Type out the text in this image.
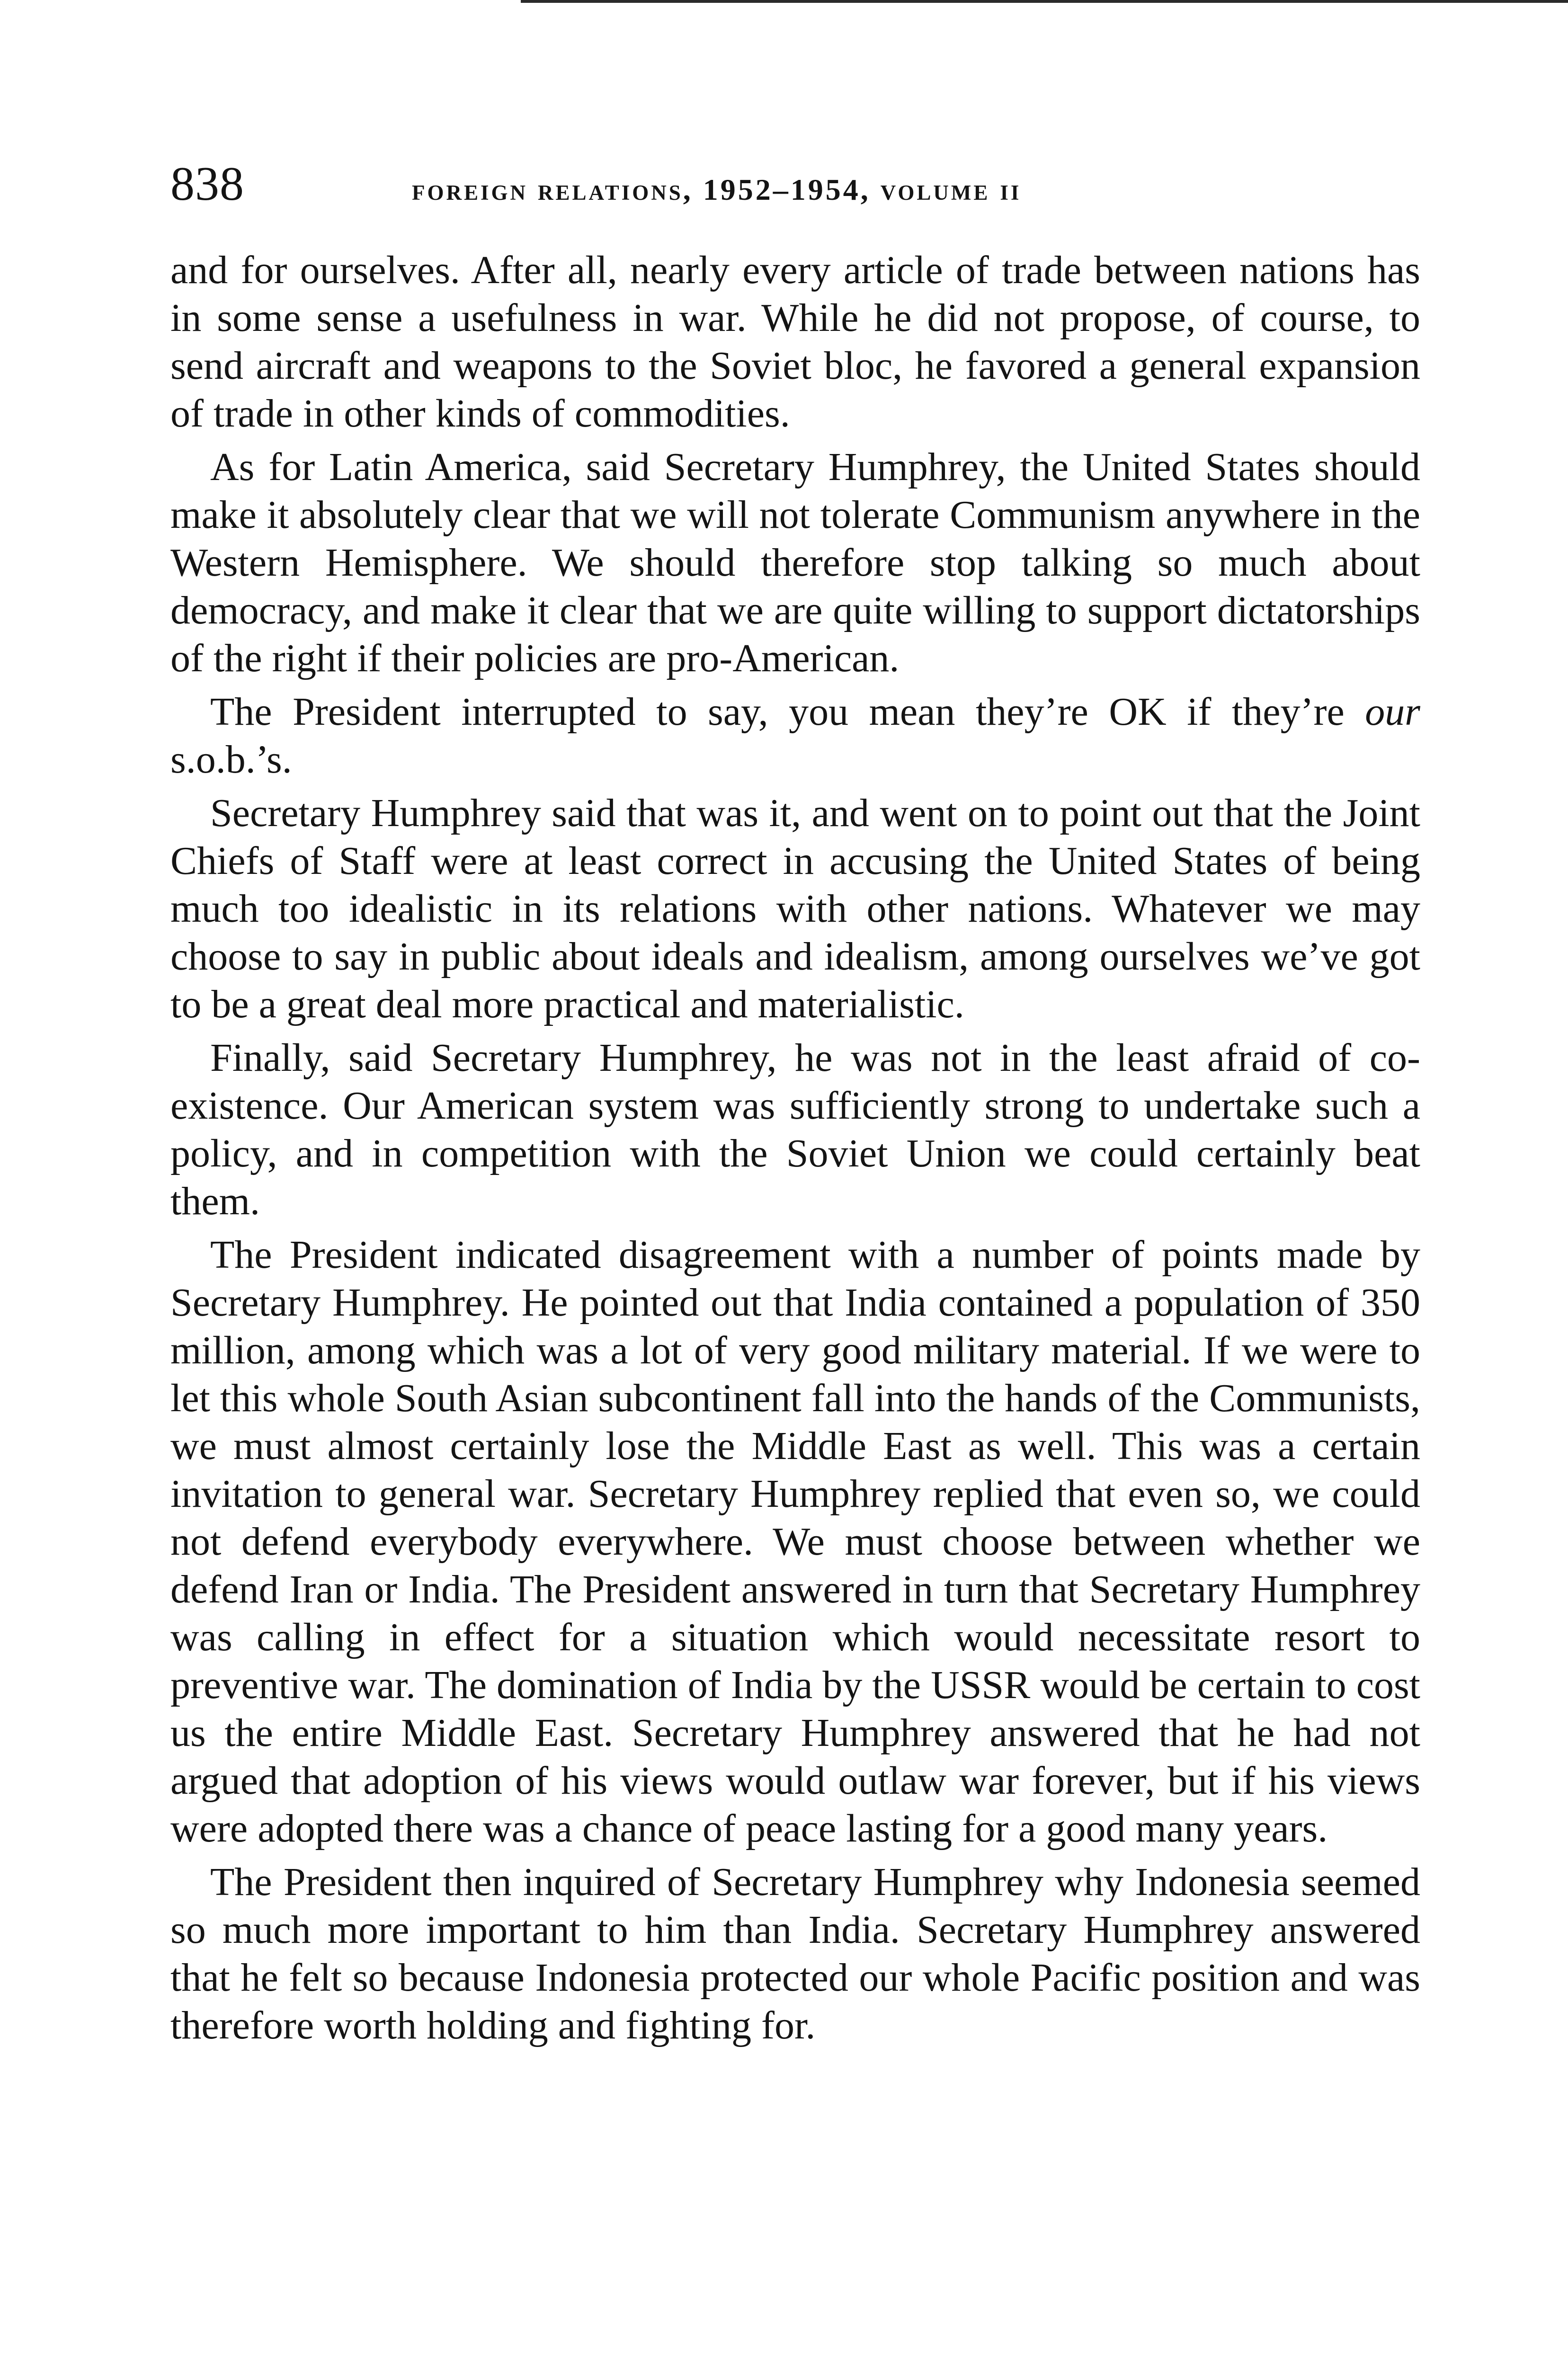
838	foreign relations, 1952–1954, volume ii

and for ourselves. After all, nearly every article of trade between nations has in some sense a usefulness in war. While he did not propose, of course, to send aircraft and weapons to the Soviet bloc, he favored a general expansion of trade in other kinds of commodities.

As for Latin America, said Secretary Humphrey, the United States should make it absolutely clear that we will not tolerate Communism anywhere in the Western Hemisphere. We should therefore stop talking so much about democracy, and make it clear that we are quite willing to support dictatorships of the right if their policies are pro-American.

The President interrupted to say, you mean they’re OK if they’re our s.o.b.’s.

Secretary Humphrey said that was it, and went on to point out that the Joint Chiefs of Staff were at least correct in accusing the United States of being much too idealistic in its relations with other nations. Whatever we may choose to say in public about ideals and idealism, among ourselves we’ve got to be a great deal more practical and materialistic.

Finally, said Secretary Humphrey, he was not in the least afraid of co-existence. Our American system was sufficiently strong to undertake such a policy, and in competition with the Soviet Union we could certainly beat them.

The President indicated disagreement with a number of points made by Secretary Humphrey. He pointed out that India contained a population of 350 million, among which was a lot of very good military material. If we were to let this whole South Asian subcontinent fall into the hands of the Communists, we must almost certainly lose the Middle East as well. This was a certain invitation to general war. Secretary Humphrey replied that even so, we could not defend everybody everywhere. We must choose between whether we defend Iran or India. The President answered in turn that Secretary Humphrey was calling in effect for a situation which would necessitate resort to preventive war. The domination of India by the USSR would be certain to cost us the entire Middle East. Secretary Humphrey answered that he had not argued that adoption of his views would outlaw war forever, but if his views were adopted there was a chance of peace lasting for a good many years.

The President then inquired of Secretary Humphrey why Indonesia seemed so much more important to him than India. Secretary Humphrey answered that he felt so because Indonesia protected our whole Pacific position and was therefore worth holding and fighting for.
